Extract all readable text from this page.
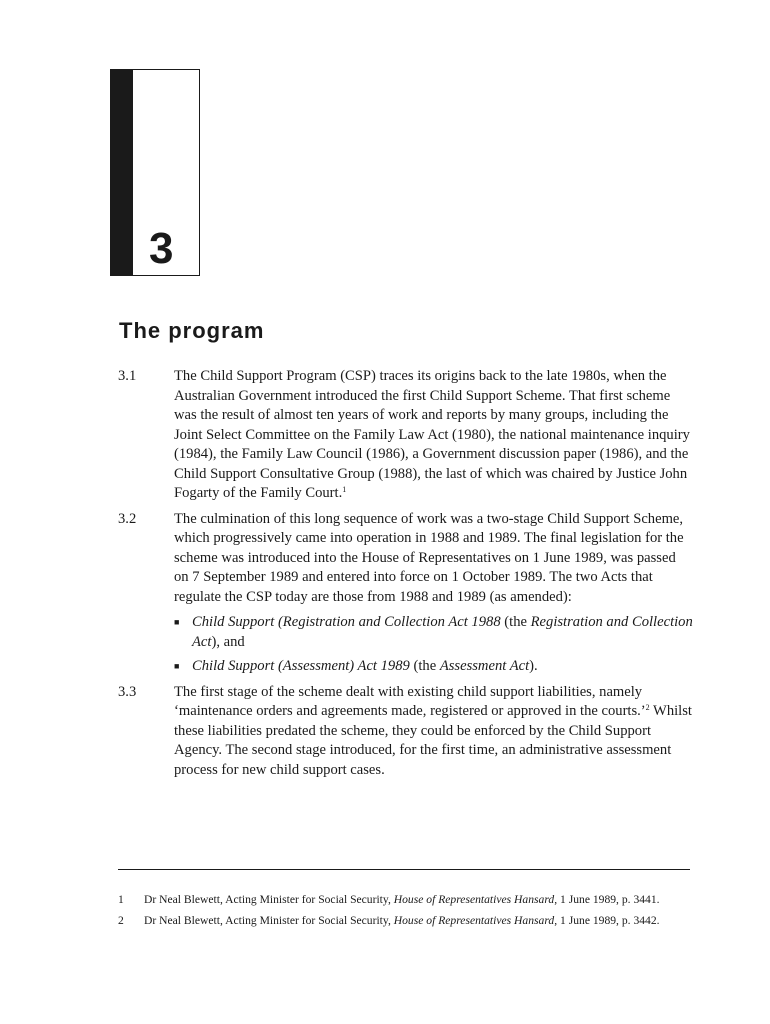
3
The program
3.1	The Child Support Program (CSP) traces its origins back to the late 1980s, when the Australian Government introduced the first Child Support Scheme. That first scheme was the result of almost ten years of work and reports by many groups, including the Joint Select Committee on the Family Law Act (1980), the national maintenance inquiry (1984), the Family Law Council (1986), a Government discussion paper (1986), and the Child Support Consultative Group (1988), the last of which was chaired by Justice John Fogarty of the Family Court.$^1$

3.2	The culmination of this long sequence of work was a two-stage Child Support Scheme, which progressively came into operation in 1988 and 1989. The final legislation for the scheme was introduced into the House of Representatives on 1 June 1989, was passed on 7 September 1989 and entered into force on 1 October 1989. The two Acts that regulate the CSP today are those from 1988 and 1989 (as amended):

■ Child Support (Registration and Collection Act 1988 (the Registration and Collection Act), and
■ Child Support (Assessment) Act 1989 (the Assessment Act).
3.3	The first stage of the scheme dealt with existing child support liabilities, namely ‘maintenance orders and agreements made, registered or approved in the courts.’$^2$ Whilst these liabilities predated the scheme, they could be enforced by the Child Support Agency. The second stage introduced, for the first time, an administrative assessment process for new child support cases.

1	Dr Neal Blewett, Acting Minister for Social Security, House of Representatives Hansard, 1 June 1989, p. 3441.
2	Dr Neal Blewett, Acting Minister for Social Security, House of Representatives Hansard, 1 June 1989, p. 3442.
